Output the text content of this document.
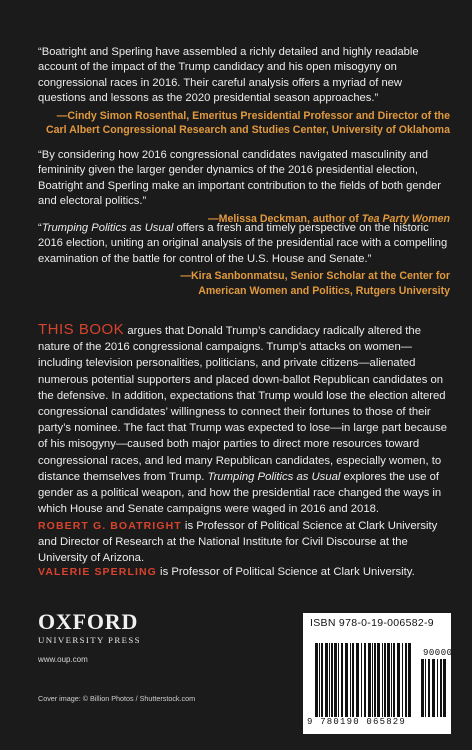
“Boatright and Sperling have assembled a richly detailed and highly readable account of the impact of the Trump candidacy and his open misogyny on congressional races in 2016. Their careful analysis offers a myriad of new questions and lessons as the 2020 presidential season approaches.”

—Cindy Simon Rosenthal, Emeritus Presidential Professor and Director of the
Carl Albert Congressional Research and Studies Center, University of Oklahoma

“By considering how 2016 congressional candidates navigated masculinity and femininity given the larger gender dynamics of the 2016 presidential election, Boatright and Sperling make an important contribution to the fields of both gender and electoral politics.”

—Melissa Deckman, author of Tea Party Women

“Trumping Politics as Usual offers a fresh and timely perspective on the historic 2016 election, uniting an original analysis of the presidential race with a compelling examination of the battle for control of the U.S. House and Senate.”

—Kira Sanbonmatsu, Senior Scholar at the Center for
American Women and Politics, Rutgers University
THIS BOOK argues that Donald Trump’s candidacy radically altered the nature of the 2016 congressional campaigns. Trump’s attacks on women—including television personalities, politicians, and private citizens—alienated numerous potential supporters and placed down-ballot Republican candidates on the defensive. In addition, expectations that Trump would lose the election altered congressional candidates’ willingness to connect their fortunes to those of their party’s nominee. The fact that Trump was expected to lose—in large part because of his misogyny—caused both major parties to direct more resources toward congressional races, and led many Republican candidates, especially women, to distance themselves from Trump. Trumping Politics as Usual explores the use of gender as a political weapon, and how the presidential race changed the ways in which House and Senate campaigns were waged in 2016 and 2018.
ROBERT G. BOATRIGHT is Professor of Political Science at Clark University and Director of Research at the National Institute for Civil Discourse at the University of Arizona.
VALERIE SPERLING is Professor of Political Science at Clark University.
OXFORD
UNIVERSITY PRESS
www.oup.com
Cover image: © Billion Photos / Shutterstock.com
ISBN 978-0-19-006582-9
90000
9 780190 065829
